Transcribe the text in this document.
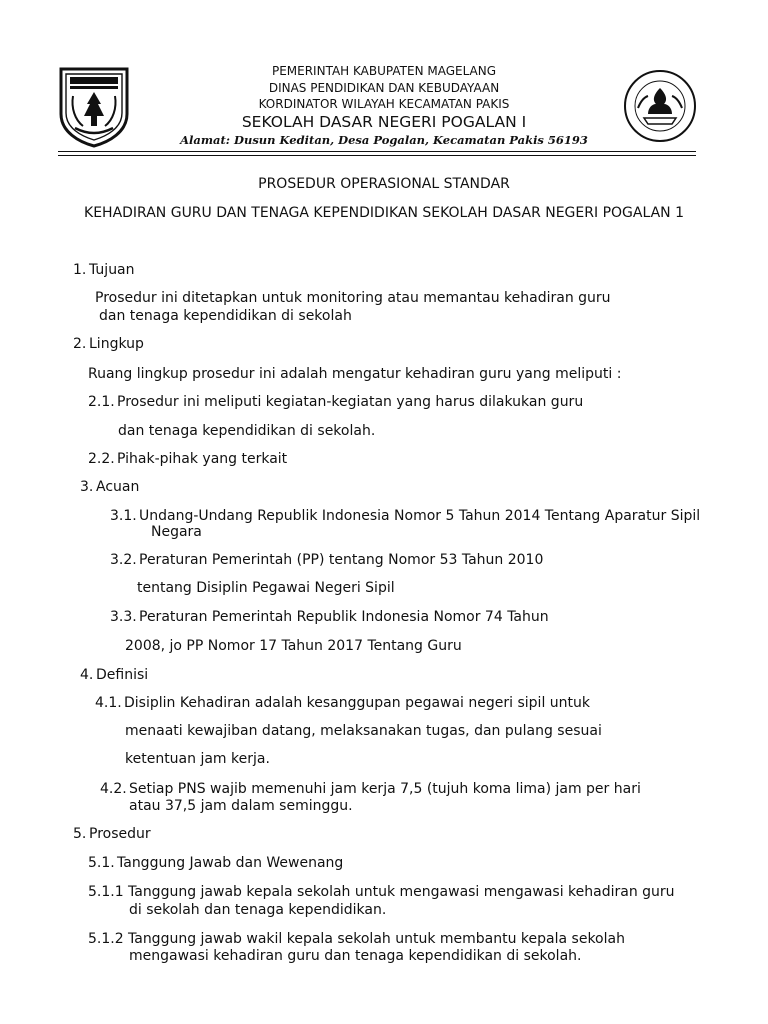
PEMERINTAH KABUPATEN MAGELANG
DINAS PENDIDIKAN DAN KEBUDAYAAN
KORDINATOR WILAYAH KECAMATAN PAKIS
SEKOLAH DASAR NEGERI POGALAN I
Alamat: Dusun Keditan, Desa Pogalan, Kecamatan Pakis 56193
PROSEDUR OPERASIONAL STANDAR
KEHADIRAN GURU DAN TENAGA KEPENDIDIKAN SEKOLAH DASAR NEGERI POGALAN 1
1. Tujuan
Prosedur ini ditetapkan untuk monitoring atau memantau kehadiran guru
dan tenaga kependidikan di sekolah
2. Lingkup
Ruang lingkup prosedur ini adalah mengatur kehadiran guru yang meliputi :
2.1. Prosedur ini meliputi kegiatan-kegiatan yang harus dilakukan guru
dan tenaga kependidikan di sekolah.
2.2. Pihak-pihak yang terkait
3. Acuan
3.1. Undang-Undang Republik Indonesia Nomor 5 Tahun 2014 Tentang Aparatur Sipil
Negara
3.2. Peraturan Pemerintah (PP) tentang Nomor 53 Tahun 2010
tentang Disiplin Pegawai Negeri Sipil
3.3. Peraturan Pemerintah Republik Indonesia Nomor 74 Tahun
2008, jo PP Nomor 17 Tahun 2017 Tentang Guru
4. Definisi
4.1. Disiplin Kehadiran adalah kesanggupan pegawai negeri sipil untuk
menaati kewajiban datang, melaksanakan tugas, dan pulang sesuai
ketentuan jam kerja.
4.2. Setiap PNS wajib memenuhi jam kerja 7,5 (tujuh koma lima) jam per hari
atau 37,5 jam dalam seminggu.
5. Prosedur
5.1. Tanggung Jawab dan Wewenang
5.1.1 Tanggung jawab kepala sekolah untuk mengawasi mengawasi kehadiran guru
di sekolah dan tenaga kependidikan.
5.1.2 Tanggung jawab wakil kepala sekolah untuk membantu kepala sekolah
mengawasi kehadiran guru dan tenaga kependidikan di sekolah.
